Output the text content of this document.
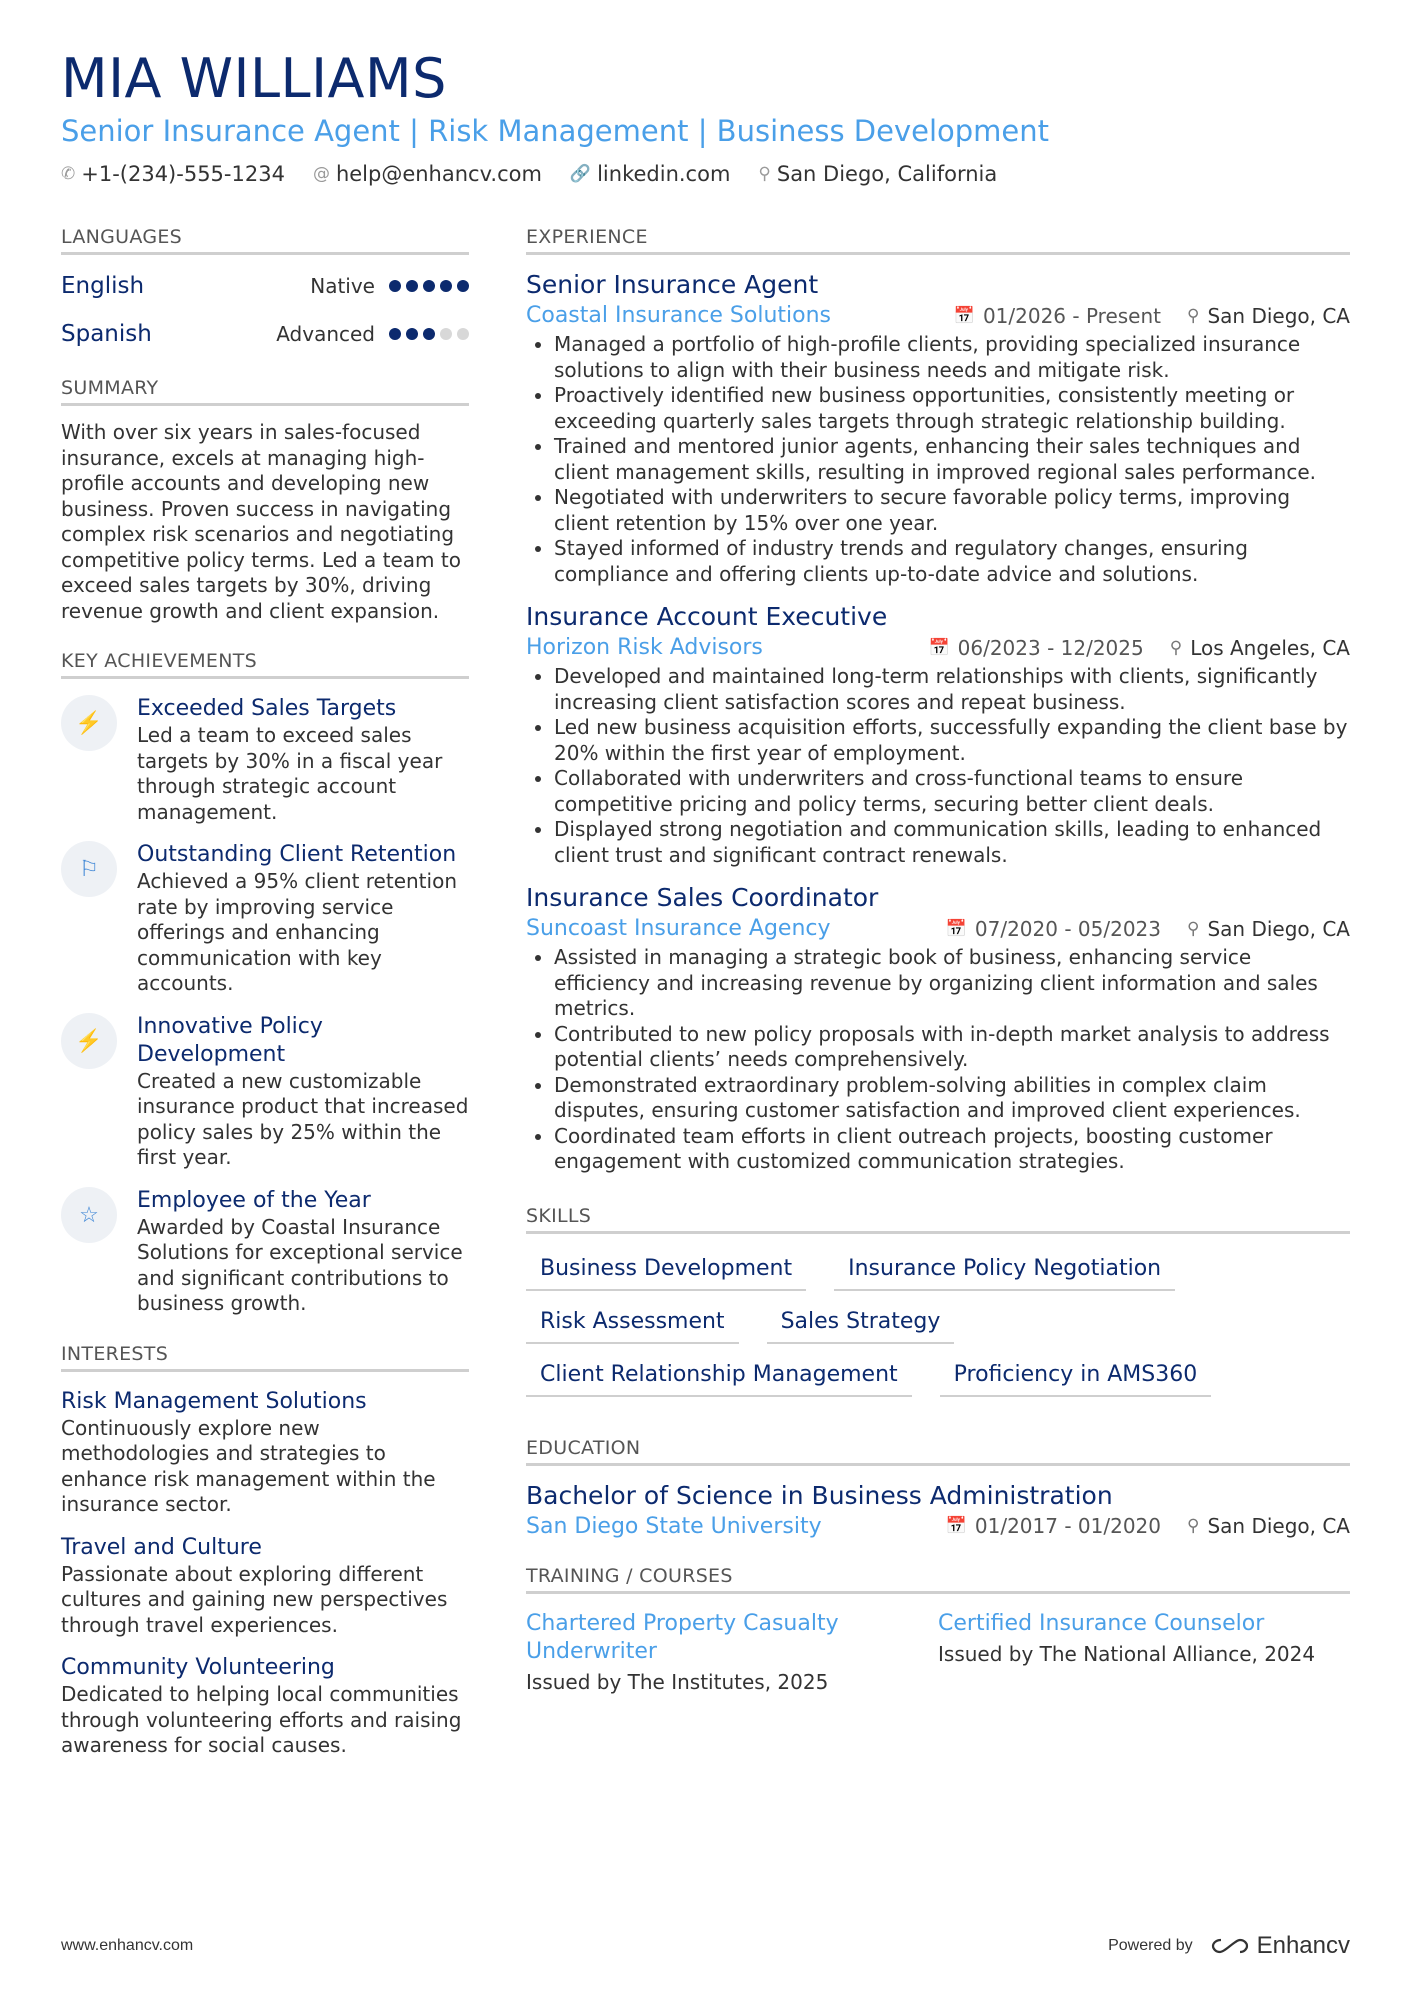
MIA WILLIAMS
Senior Insurance Agent | Risk Management | Business Development
✆ +1-(234)-555-1234 @ help@enhancv.com 🔗 linkedin.com ⚲ San Diego, California
LANGUAGES
English	Native
Spanish	Advanced
SUMMARY
With over six years in sales-focused insurance, excels at managing high-profile accounts and developing new business. Proven success in navigating complex risk scenarios and negotiating competitive policy terms. Led a team to exceed sales targets by 30%, driving revenue growth and client expansion.
KEY ACHIEVEMENTS
⚡
Exceeded Sales Targets
Led a team to exceed sales targets by 30% in a fiscal year through strategic account management.
⚐
Outstanding Client Retention
Achieved a 95% client retention rate by improving service offerings and enhancing communication with key accounts.
⚡
Innovative Policy Development
Created a new customizable insurance product that increased policy sales by 25% within the first year.
☆
Employee of the Year
Awarded by Coastal Insurance Solutions for exceptional service and significant contributions to business growth.
INTERESTS
Risk Management Solutions
Continuously explore new methodologies and strategies to enhance risk management within the insurance sector.
Travel and Culture
Passionate about exploring different cultures and gaining new perspectives through travel experiences.
Community Volunteering
Dedicated to helping local communities through volunteering efforts and raising awareness for social causes.
EXPERIENCE
Senior Insurance Agent
Coastal Insurance Solutions	📅 01/2026 - Present ⚲ San Diego, CA
• Managed a portfolio of high-profile clients, providing specialized insurance solutions to align with their business needs and mitigate risk.
• Proactively identified new business opportunities, consistently meeting or exceeding quarterly sales targets through strategic relationship building.
• Trained and mentored junior agents, enhancing their sales techniques and client management skills, resulting in improved regional sales performance.
• Negotiated with underwriters to secure favorable policy terms, improving client retention by 15% over one year.
• Stayed informed of industry trends and regulatory changes, ensuring compliance and offering clients up-to-date advice and solutions.
Insurance Account Executive
Horizon Risk Advisors	📅 06/2023 - 12/2025 ⚲ Los Angeles, CA
• Developed and maintained long-term relationships with clients, significantly increasing client satisfaction scores and repeat business.
• Led new business acquisition efforts, successfully expanding the client base by 20% within the first year of employment.
• Collaborated with underwriters and cross-functional teams to ensure competitive pricing and policy terms, securing better client deals.
• Displayed strong negotiation and communication skills, leading to enhanced client trust and significant contract renewals.
Insurance Sales Coordinator
Suncoast Insurance Agency	📅 07/2020 - 05/2023 ⚲ San Diego, CA
• Assisted in managing a strategic book of business, enhancing service efficiency and increasing revenue by organizing client information and sales metrics.
• Contributed to new policy proposals with in-depth market analysis to address potential clients’ needs comprehensively.
• Demonstrated extraordinary problem-solving abilities in complex claim disputes, ensuring customer satisfaction and improved client experiences.
• Coordinated team efforts in client outreach projects, boosting customer engagement with customized communication strategies.
SKILLS
Business Development	Insurance Policy Negotiation
Risk Assessment	Sales Strategy
Client Relationship Management	Proficiency in AMS360
EDUCATION
Bachelor of Science in Business Administration
San Diego State University	📅 01/2017 - 01/2020 ⚲ San Diego, CA
TRAINING / COURSES
Chartered Property Casualty Underwriter
Issued by The Institutes, 2025
Certified Insurance Counselor
Issued by The National Alliance, 2024
www.enhancv.com	Powered by	Enhancv
